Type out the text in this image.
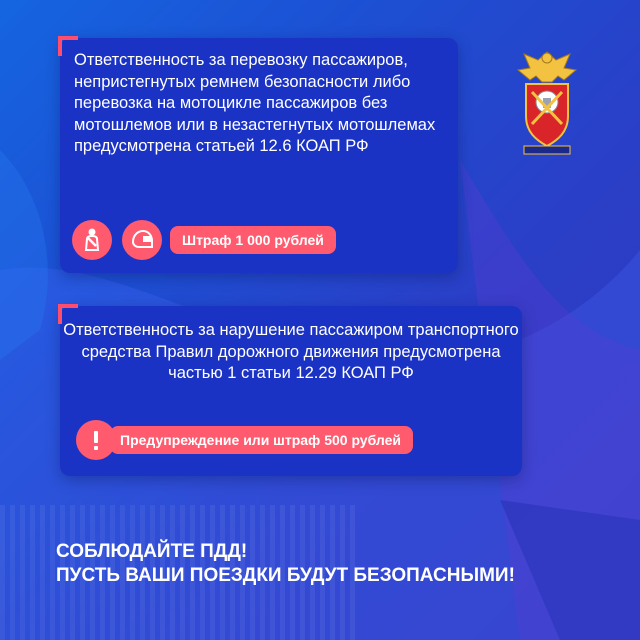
Ответственность за перевозку пассажиров, непристегнутых ремнем безопасности либо перевозка на мотоцикле пассажиров без мотошлемов или в незастегнутых мотошлемах предусмотрена статьей 12.6 КОАП РФ

Штраф 1 000 рублей

Ответственность за нарушение пассажиром транспортного средства Правил дорожного движения предусмотрена частью 1 статьи 12.29 КОАП РФ

Предупреждение или штраф 500 рублей

СОБЛЮДАЙТЕ ПДД!
ПУСТЬ ВАШИ ПОЕЗДКИ БУДУТ БЕЗОПАСНЫМИ!
